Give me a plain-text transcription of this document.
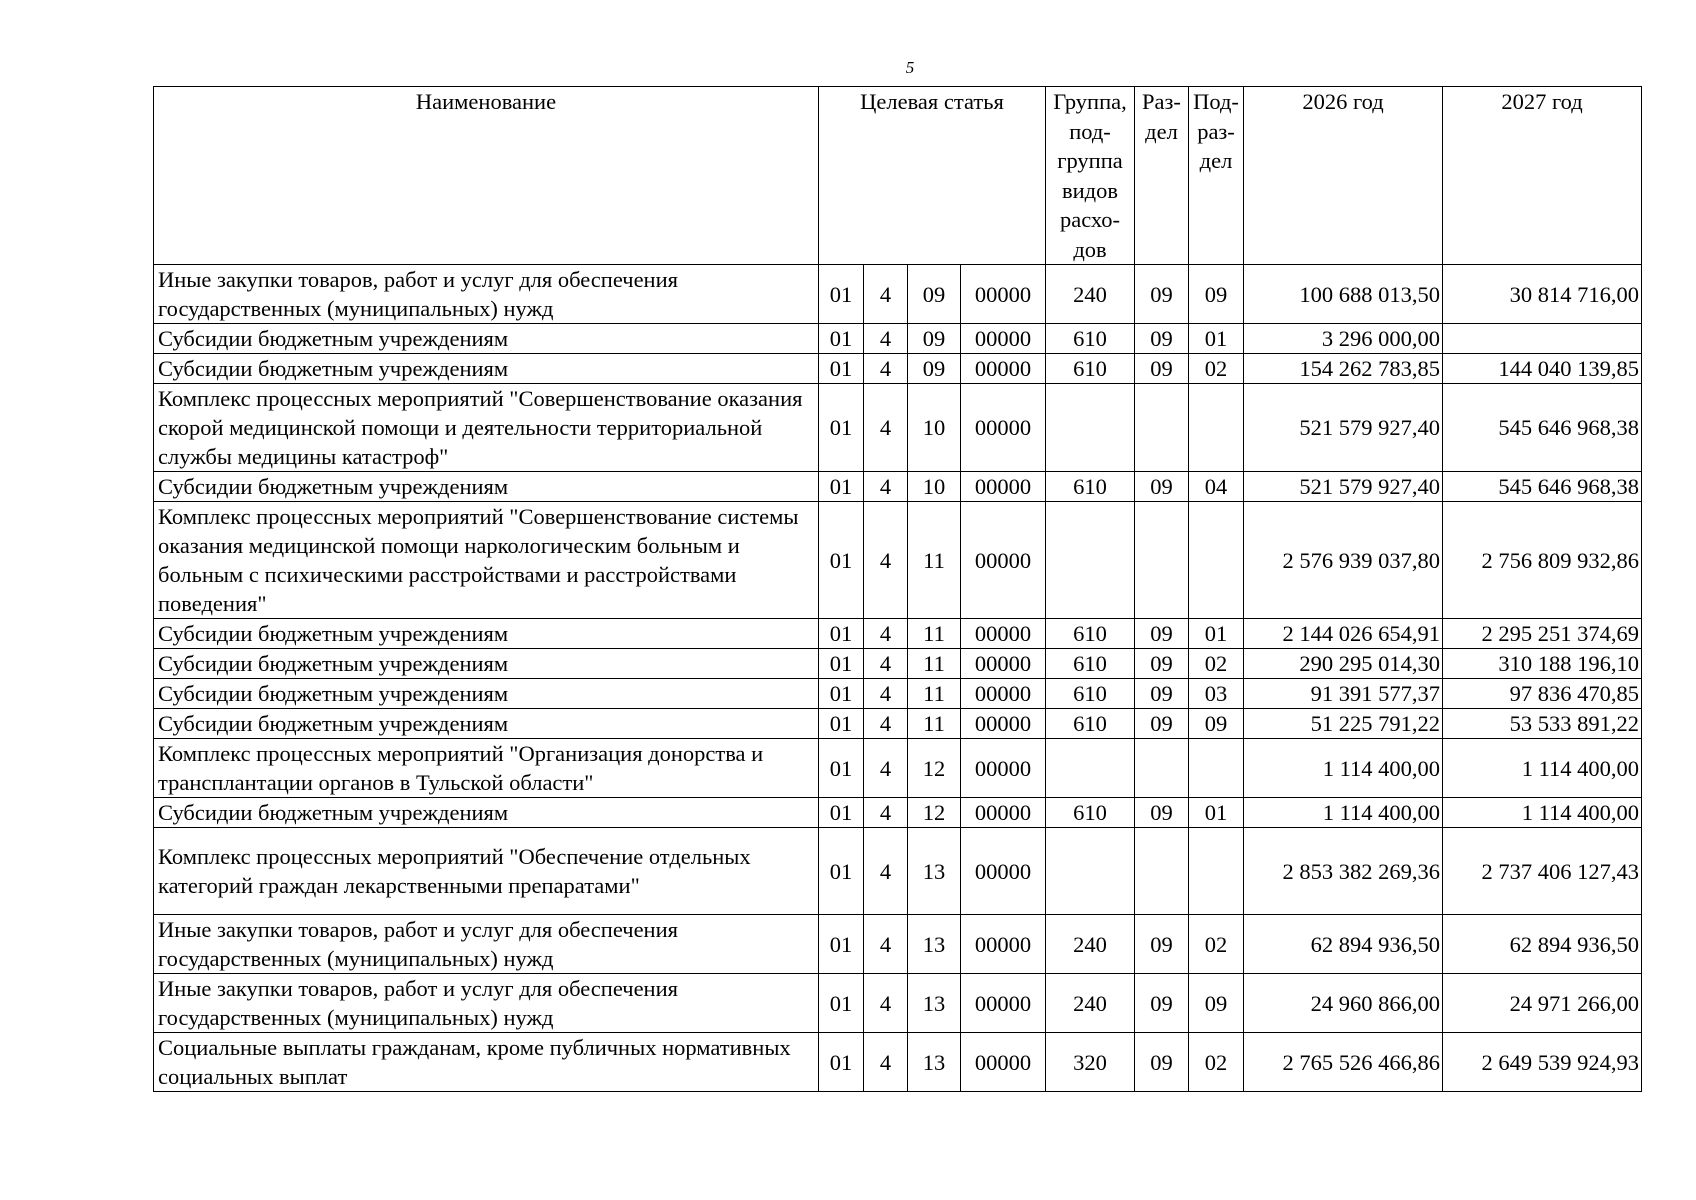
5
Наименование	Целевая статья				Группа, под-группа видов расхо-дов	Раз-дел	Под-раз-дел	2026 год	2027 год
Иные закупки товаров, работ и услуг для обеспечения государственных (муниципальных) нужд	01	4	09	00000	240	09	09	100 688 013,50	30 814 716,00
Субсидии бюджетным учреждениям	01	4	09	00000	610	09	01	3 296 000,00	
Субсидии бюджетным учреждениям	01	4	09	00000	610	09	02	154 262 783,85	144 040 139,85
Комплекс процессных мероприятий "Совершенствование оказания скорой медицинской помощи и деятельности территориальной службы медицины катастроф"	01	4	10	00000				521 579 927,40	545 646 968,38
Субсидии бюджетным учреждениям	01	4	10	00000	610	09	04	521 579 927,40	545 646 968,38
Комплекс процессных мероприятий "Совершенствование системы оказания медицинской помощи наркологическим больным и больным с психическими расстройствами и расстройствами поведения"	01	4	11	00000				2 576 939 037,80	2 756 809 932,86
Субсидии бюджетным учреждениям	01	4	11	00000	610	09	01	2 144 026 654,91	2 295 251 374,69
Субсидии бюджетным учреждениям	01	4	11	00000	610	09	02	290 295 014,30	310 188 196,10
Субсидии бюджетным учреждениям	01	4	11	00000	610	09	03	91 391 577,37	97 836 470,85
Субсидии бюджетным учреждениям	01	4	11	00000	610	09	09	51 225 791,22	53 533 891,22
Комплекс процессных мероприятий "Организация донорства и трансплантации органов в Тульской области"	01	4	12	00000				1 114 400,00	1 114 400,00
Субсидии бюджетным учреждениям	01	4	12	00000	610	09	01	1 114 400,00	1 114 400,00
Комплекс процессных мероприятий "Обеспечение отдельных категорий граждан лекарственными препаратами"	01	4	13	00000				2 853 382 269,36	2 737 406 127,43
Иные закупки товаров, работ и услуг для обеспечения государственных (муниципальных) нужд	01	4	13	00000	240	09	02	62 894 936,50	62 894 936,50
Иные закупки товаров, работ и услуг для обеспечения государственных (муниципальных) нужд	01	4	13	00000	240	09	09	24 960 866,00	24 971 266,00
Социальные выплаты гражданам, кроме публичных нормативных социальных выплат	01	4	13	00000	320	09	02	2 765 526 466,86	2 649 539 924,93
